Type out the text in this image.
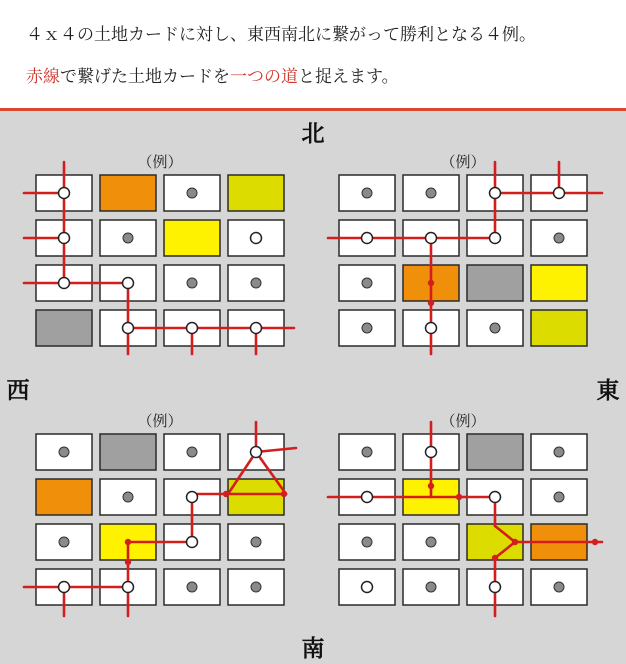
４ｘ４の土地カードに対し、東西南北に繋がって勝利となる４例。
赤線で繋げた土地カードを一つの道と捉えます。
（例）	（例）
（例）	（例）
北
南
西	東
